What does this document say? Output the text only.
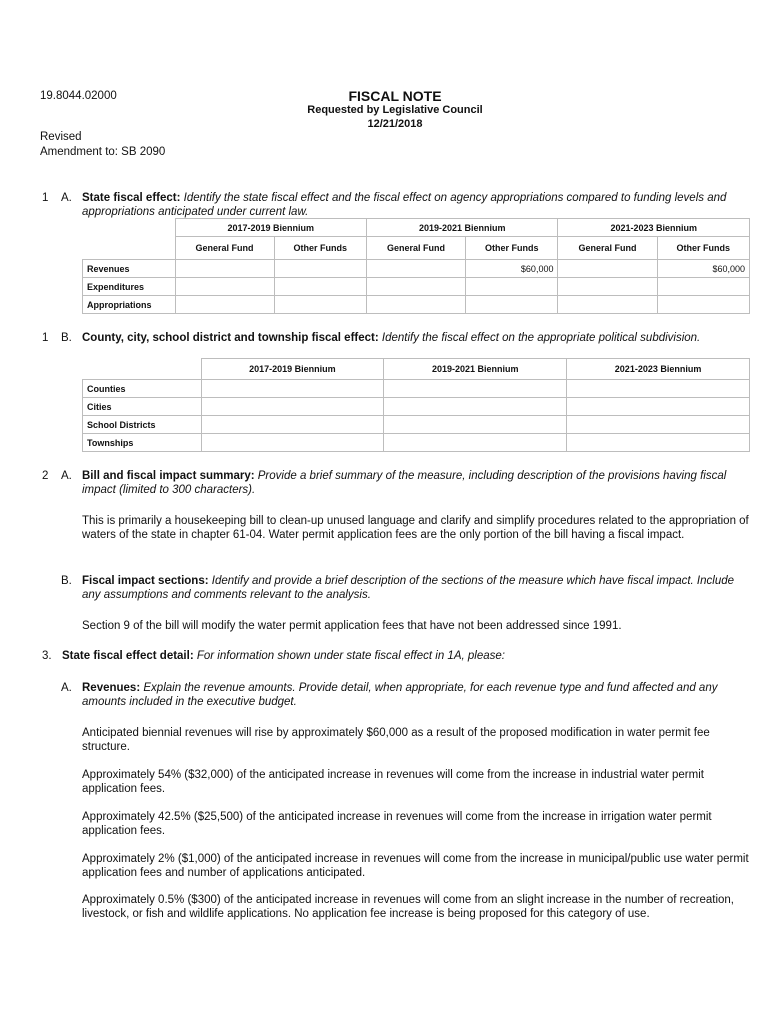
19.8044.02000	FISCAL NOTE
Requested by Legislative Council
12/21/2018
Revised
Amendment to: SB 2090
1 A. State fiscal effect: Identify the state fiscal effect and the fiscal effect on agency appropriations compared to funding levels and appropriations anticipated under current law.
	2017-2019 Biennium		2019-2021 Biennium		2021-2023 Biennium	
	General Fund	Other Funds	General Fund	Other Funds	General Fund	Other Funds
Revenues				$60,000		$60,000
Expenditures						
Appropriations						
1 B. County, city, school district and township fiscal effect: Identify the fiscal effect on the appropriate political subdivision.
	2017-2019 Biennium	2019-2021 Biennium	2021-2023 Biennium
Counties			
Cities			
School Districts			
Townships			
2 A. Bill and fiscal impact summary: Provide a brief summary of the measure, including description of the provisions having fiscal impact (limited to 300 characters).
This is primarily a housekeeping bill to clean-up unused language and clarify and simplify procedures related to the appropriation of waters of the state in chapter 61-04. Water permit application fees are the only portion of the bill having a fiscal impact.
B. Fiscal impact sections: Identify and provide a brief description of the sections of the measure which have fiscal impact. Include any assumptions and comments relevant to the analysis.
Section 9 of the bill will modify the water permit application fees that have not been addressed since 1991.
3. State fiscal effect detail: For information shown under state fiscal effect in 1A, please:
A. Revenues: Explain the revenue amounts. Provide detail, when appropriate, for each revenue type and fund affected and any amounts included in the executive budget.
Anticipated biennial revenues will rise by approximately $60,000 as a result of the proposed modification in water permit fee structure.
Approximately 54% ($32,000) of the anticipated increase in revenues will come from the increase in industrial water permit application fees.
Approximately 42.5% ($25,500) of the anticipated increase in revenues will come from the increase in irrigation water permit application fees.
Approximately 2% ($1,000) of the anticipated increase in revenues will come from the increase in municipal/public use water permit application fees and number of applications anticipated.
Approximately 0.5% ($300) of the anticipated increase in revenues will come from an slight increase in the number of recreation, livestock, or fish and wildlife applications. No application fee increase is being proposed for this category of use.
